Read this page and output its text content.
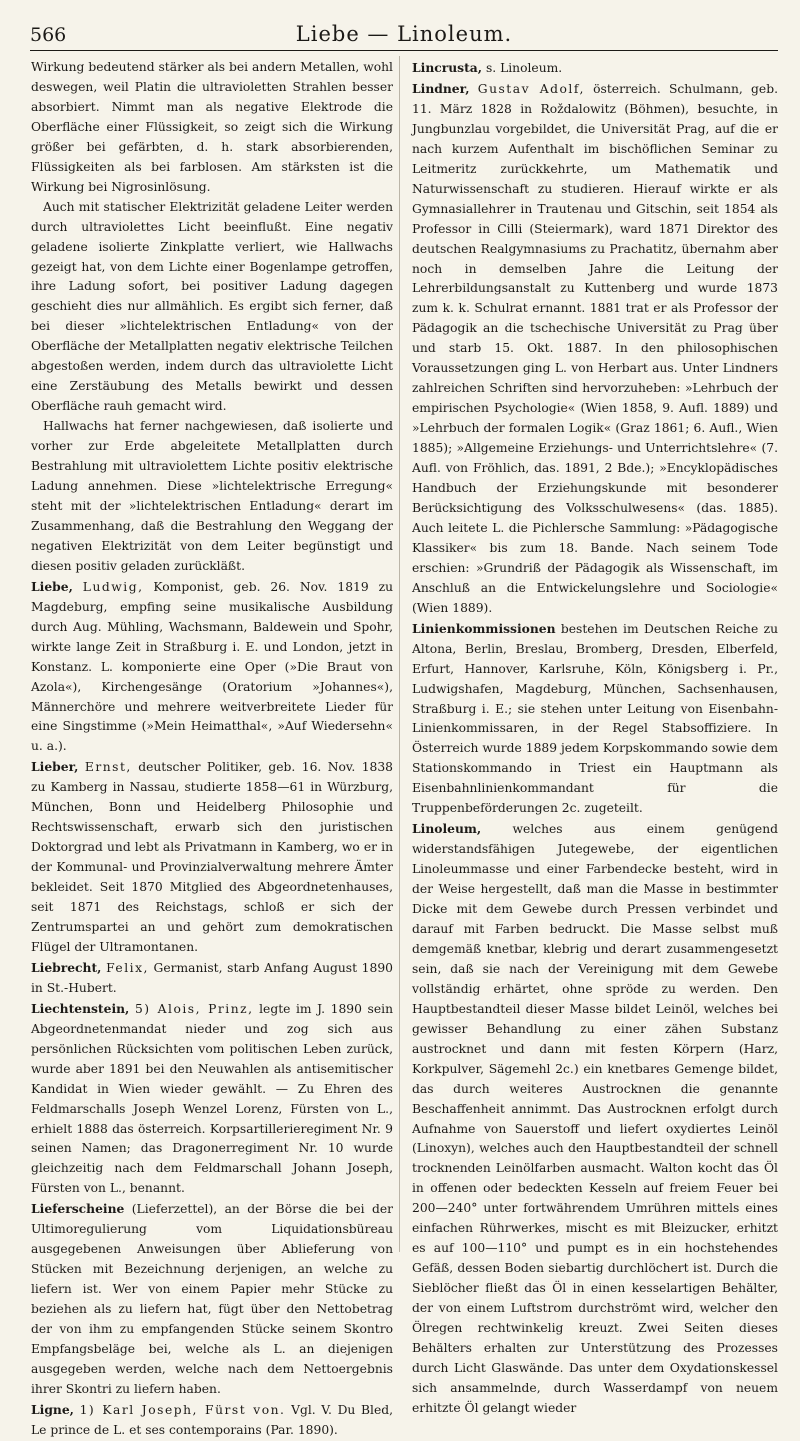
566	Liebe — Linoleum.

Wirkung bedeutend stärker als bei andern Metallen, wohl deswegen, weil Platin die ultravioletten Strahlen besser absorbiert. Nimmt man als negative Elektrode die Oberfläche einer Flüssigkeit, so zeigt sich die Wirkung größer bei gefärbten, d. h. stark absorbierenden, Flüssigkeiten als bei farblosen. Am stärksten ist die Wirkung bei Nigrosinlösung.

Auch mit statischer Elektrizität geladene Leiter werden durch ultraviolettes Licht beeinflußt. Eine negativ geladene isolierte Zinkplatte verliert, wie Hallwachs gezeigt hat, von dem Lichte einer Bogenlampe getroffen, ihre Ladung sofort, bei positiver Ladung dagegen geschieht dies nur allmählich. Es ergibt sich ferner, daß bei dieser »lichtelektrischen Entladung« von der Oberfläche der Metallplatten negativ elektrische Teilchen abgestoßen werden, indem durch das ultraviolette Licht eine Zerstäubung des Metalls bewirkt und dessen Oberfläche rauh gemacht wird.

Hallwachs hat ferner nachgewiesen, daß isolierte und vorher zur Erde abgeleitete Metallplatten durch Bestrahlung mit ultraviolettem Lichte positiv elektrische Ladung annehmen. Diese »lichtelektrische Erregung« steht mit der »lichtelektrischen Entladung« derart im Zusammenhang, daß die Bestrahlung den Weggang der negativen Elektrizität von dem Leiter begünstigt und diesen positiv geladen zurückläßt.

Liebe, Ludwig, Komponist, geb. 26. Nov. 1819 zu Magdeburg, empfing seine musikalische Ausbildung durch Aug. Mühling, Wachsmann, Baldewein und Spohr, wirkte lange Zeit in Straßburg i. E. und London, jetzt in Konstanz. L. komponierte eine Oper (»Die Braut von Azola«), Kirchengesänge (Oratorium »Johannes«), Männerchöre und mehrere weitverbreitete Lieder für eine Singstimme (»Mein Heimatthal«, »Auf Wiedersehn« u. a.).

Lieber, Ernst, deutscher Politiker, geb. 16. Nov. 1838 zu Kamberg in Nassau, studierte 1858—61 in Würzburg, München, Bonn und Heidelberg Philosophie und Rechtswissenschaft, erwarb sich den juristischen Doktorgrad und lebt als Privatmann in Kamberg, wo er in der Kommunal- und Provinzialverwaltung mehrere Ämter bekleidet. Seit 1870 Mitglied des Abgeordnetenhauses, seit 1871 des Reichstags, schloß er sich der Zentrumspartei an und gehört zum demokratischen Flügel der Ultramontanen.

Liebrecht, Felix, Germanist, starb Anfang August 1890 in St.-Hubert.

Liechtenstein, 5) Alois, Prinz, legte im J. 1890 sein Abgeordnetenmandat nieder und zog sich aus persönlichen Rücksichten vom politischen Leben zurück, wurde aber 1891 bei den Neuwahlen als antisemitischer Kandidat in Wien wieder gewählt. — Zu Ehren des Feldmarschalls Joseph Wenzel Lorenz, Fürsten von L., erhielt 1888 das österreich. Korpsartillerieregiment Nr. 9 seinen Namen; das Dragonerregiment Nr. 10 wurde gleichzeitig nach dem Feldmarschall Johann Joseph, Fürsten von L., benannt.

Lieferscheine (Lieferzettel), an der Börse die bei der Ultimoregulierung vom Liquidationsbüreau ausgegebenen Anweisungen über Ablieferung von Stücken mit Bezeichnung derjenigen, an welche zu liefern ist. Wer von einem Papier mehr Stücke zu beziehen als zu liefern hat, fügt über den Nettobetrag der von ihm zu empfangenden Stücke seinem Skontro Empfangsbeläge bei, welche als L. an diejenigen ausgegeben werden, welche nach dem Nettoergebnis ihrer Skontri zu liefern haben.

Ligne, 1) Karl Joseph, Fürst von. Vgl. V. Du Bled, Le prince de L. et ses contemporains (Par. 1890).

Lincrusta, s. Linoleum.

Lindner, Gustav Adolf, österreich. Schulmann, geb. 11. März 1828 in Roždalowitz (Böhmen), besuchte, in Jungbunzlau vorgebildet, die Universität Prag, auf die er nach kurzem Aufenthalt im bischöflichen Seminar zu Leitmeritz zurückkehrte, um Mathematik und Naturwissenschaft zu studieren. Hierauf wirkte er als Gymnasiallehrer in Trautenau und Gitschin, seit 1854 als Professor in Cilli (Steiermark), ward 1871 Direktor des deutschen Realgymnasiums zu Prachatitz, übernahm aber noch in demselben Jahre die Leitung der Lehrerbildungsanstalt zu Kuttenberg und wurde 1873 zum k. k. Schulrat ernannt. 1881 trat er als Professor der Pädagogik an die tschechische Universität zu Prag über und starb 15. Okt. 1887. In den philosophischen Voraussetzungen ging L. von Herbart aus. Unter Lindners zahlreichen Schriften sind hervorzuheben: »Lehrbuch der empirischen Psychologie« (Wien 1858, 9. Aufl. 1889) und »Lehrbuch der formalen Logik« (Graz 1861; 6. Aufl., Wien 1885); »Allgemeine Erziehungs- und Unterrichtslehre« (7. Aufl. von Fröhlich, das. 1891, 2 Bde.); »Encyklopädisches Handbuch der Erziehungskunde mit besonderer Berücksichtigung des Volksschulwesens« (das. 1885). Auch leitete L. die Pichlersche Sammlung: »Pädagogische Klassiker« bis zum 18. Bande. Nach seinem Tode erschien: »Grundriß der Pädagogik als Wissenschaft, im Anschluß an die Entwickelungslehre und Sociologie« (Wien 1889).

Linienkommissionen bestehen im Deutschen Reiche zu Altona, Berlin, Breslau, Bromberg, Dresden, Elberfeld, Erfurt, Hannover, Karlsruhe, Köln, Königsberg i. Pr., Ludwigshafen, Magdeburg, München, Sachsenhausen, Straßburg i. E.; sie stehen unter Leitung von Eisenbahn-Linienkommissaren, in der Regel Stabsoffiziere. In Österreich wurde 1889 jedem Korpskommando sowie dem Stationskommando in Triest ein Hauptmann als Eisenbahnlinienkommandant für die Truppenbeförderungen 2c. zugeteilt.

Linoleum, welches aus einem genügend widerstandsfähigen Jutegewebe, der eigentlichen Linoleummasse und einer Farbendecke besteht, wird in der Weise hergestellt, daß man die Masse in bestimmter Dicke mit dem Gewebe durch Pressen verbindet und darauf mit Farben bedruckt. Die Masse selbst muß demgemäß knetbar, klebrig und derart zusammengesetzt sein, daß sie nach der Vereinigung mit dem Gewebe vollständig erhärtet, ohne spröde zu werden. Den Hauptbestandteil dieser Masse bildet Leinöl, welches bei gewisser Behandlung zu einer zähen Substanz austrocknet und dann mit festen Körpern (Harz, Korkpulver, Sägemehl 2c.) ein knetbares Gemenge bildet, das durch weiteres Austrocknen die genannte Beschaffenheit annimmt. Das Austrocknen erfolgt durch Aufnahme von Sauerstoff und liefert oxydiertes Leinöl (Linoxyn), welches auch den Hauptbestandteil der schnell trocknenden Leinölfarben ausmacht. Walton kocht das Öl in offenen oder bedeckten Kesseln auf freiem Feuer bei 200—240° unter fortwährendem Umrühren mittels eines einfachen Rührwerkes, mischt es mit Bleizucker, erhitzt es auf 100—110° und pumpt es in ein hochstehendes Gefäß, dessen Boden siebartig durchlöchert ist. Durch die Sieblöcher fließt das Öl in einen kesselartigen Behälter, der von einem Luftstrom durchströmt wird, welcher den Ölregen rechtwinkelig kreuzt. Zwei Seiten dieses Behälters erhalten zur Unterstützung des Prozesses durch Licht Glaswände. Das unter dem Oxydationskessel sich ansammelnde, durch Wasserdampf von neuem erhitzte Öl gelangt wieder
